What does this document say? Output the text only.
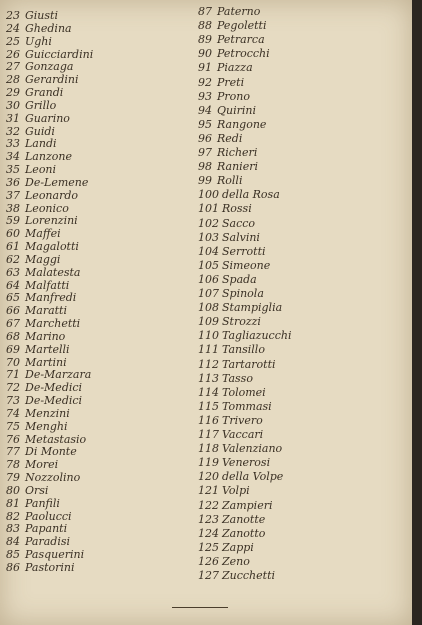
23 Giusti
24 Ghedina
25 Ughi
26 Guicciardini
27 Gonzaga
28 Gerardini
29 Grandi
30 Grillo
31 Guarino
32 Guidi
33 Landi
34 Lanzone
35 Leoni
36 De-Lemene
37 Leonardo
38 Leonico
59 Lorenzini
60 Maffei
61 Magalotti
62 Maggi
63 Malatesta
64 Malfatti
65 Manfredi
66 Maratti
67 Marchetti
68 Marino
69 Martelli
70 Martini
71 De-Marzara
72 De-Medici
73 De-Medici
74 Menzini
75 Menghi
76 Metastasio
77 Di Monte
78 Morei
79 Nozzolino
80 Orsi
81 Panfili
82 Paolucci
83 Papanti
84 Paradisi
85 Pasquerini
86 Pastorini
87 Paterno
88 Pegoletti
89 Petrarca
90 Petrocchi
91 Piazza
92 Preti
93 Prono
94 Quirini
95 Rangone
96 Redi
97 Richeri
98 Ranieri
99 Rolli
100 della Rosa
101 Rossi
102 Sacco
103 Salvini
104 Serrotti
105 Simeone
106 Spada
107 Spinola
108 Stampiglia
109 Strozzi
110 Tagliazucchi
111 Tansillo
112 Tartarotti
113 Tasso
114 Tolomei
115 Tommasi
116 Trivero
117 Vaccari
118 Valenziano
119 Venerosi
120 della Volpe
121 Volpi
122 Zampieri
123 Zanotte
124 Zanotto
125 Zappi
126 Zeno
127 Zucchetti
